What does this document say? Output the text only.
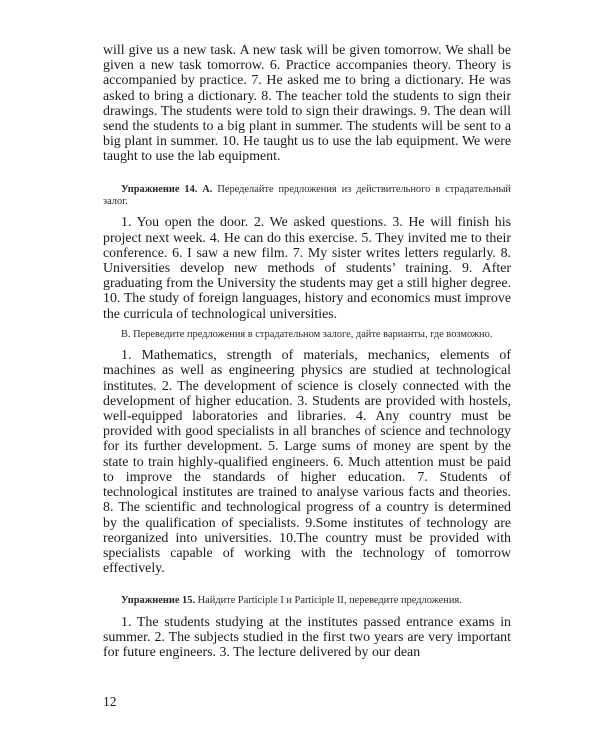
will give us a new task. A new task will be given tomorrow. We shall be given a new task tomorrow. 6. Practice accompanies theory. Theory is accompanied by practice. 7. He asked me to bring a dictionary. He was asked to bring a dictionary. 8. The teacher told the students to sign their drawings. The students were told to sign their drawings. 9. The dean will send the students to a big plant in summer. The students will be sent to a big plant in summer. 10. He taught us to use the lab equipment. We were taught to use the lab equipment.

Упражнение 14. А. Переделайте предложения из действительного в страдательный залог.

1. You open the door. 2. We asked questions. 3. He will finish his project next week. 4. He can do this exercise. 5. They invited me to their conference. 6. I saw a new film. 7. My sister writes letters regularly. 8. Universities develop new methods of students’ training. 9. After graduating from the University the students may get a still higher degree. 10. The study of foreign languages, history and economics must improve the curricula of technological universities.

В. Переведите предложения в страдательном залоге, дайте варианты, где возможно.

1. Mathematics, strength of materials, mechanics, elements of machines as well as engineering physics are studied at technological institutes. 2. The development of science is closely connected with the development of higher education. 3. Students are provided with hostels, well-equipped laboratories and libraries. 4. Any country must be provided with good specialists in all branches of science and technology for its further development. 5. Large sums of money are spent by the state to train highly-qualified engineers. 6. Much attention must be paid to improve the standards of higher education. 7. Students of technological institutes are trained to analyse various facts and theories. 8. The scientific and technological progress of a country is determined by the qualification of specialists. 9.Some institutes of technology are reorganized into universities. 10.The country must be provided with specialists capable of working with the technology of tomorrow effectively.

Упражнение 15. Найдите Participle I и Participle II, переведите предложения.

1. The students studying at the institutes passed entrance exams in summer. 2. The subjects studied in the first two years are very important for future engineers. 3. The lecture delivered by our dean

12
